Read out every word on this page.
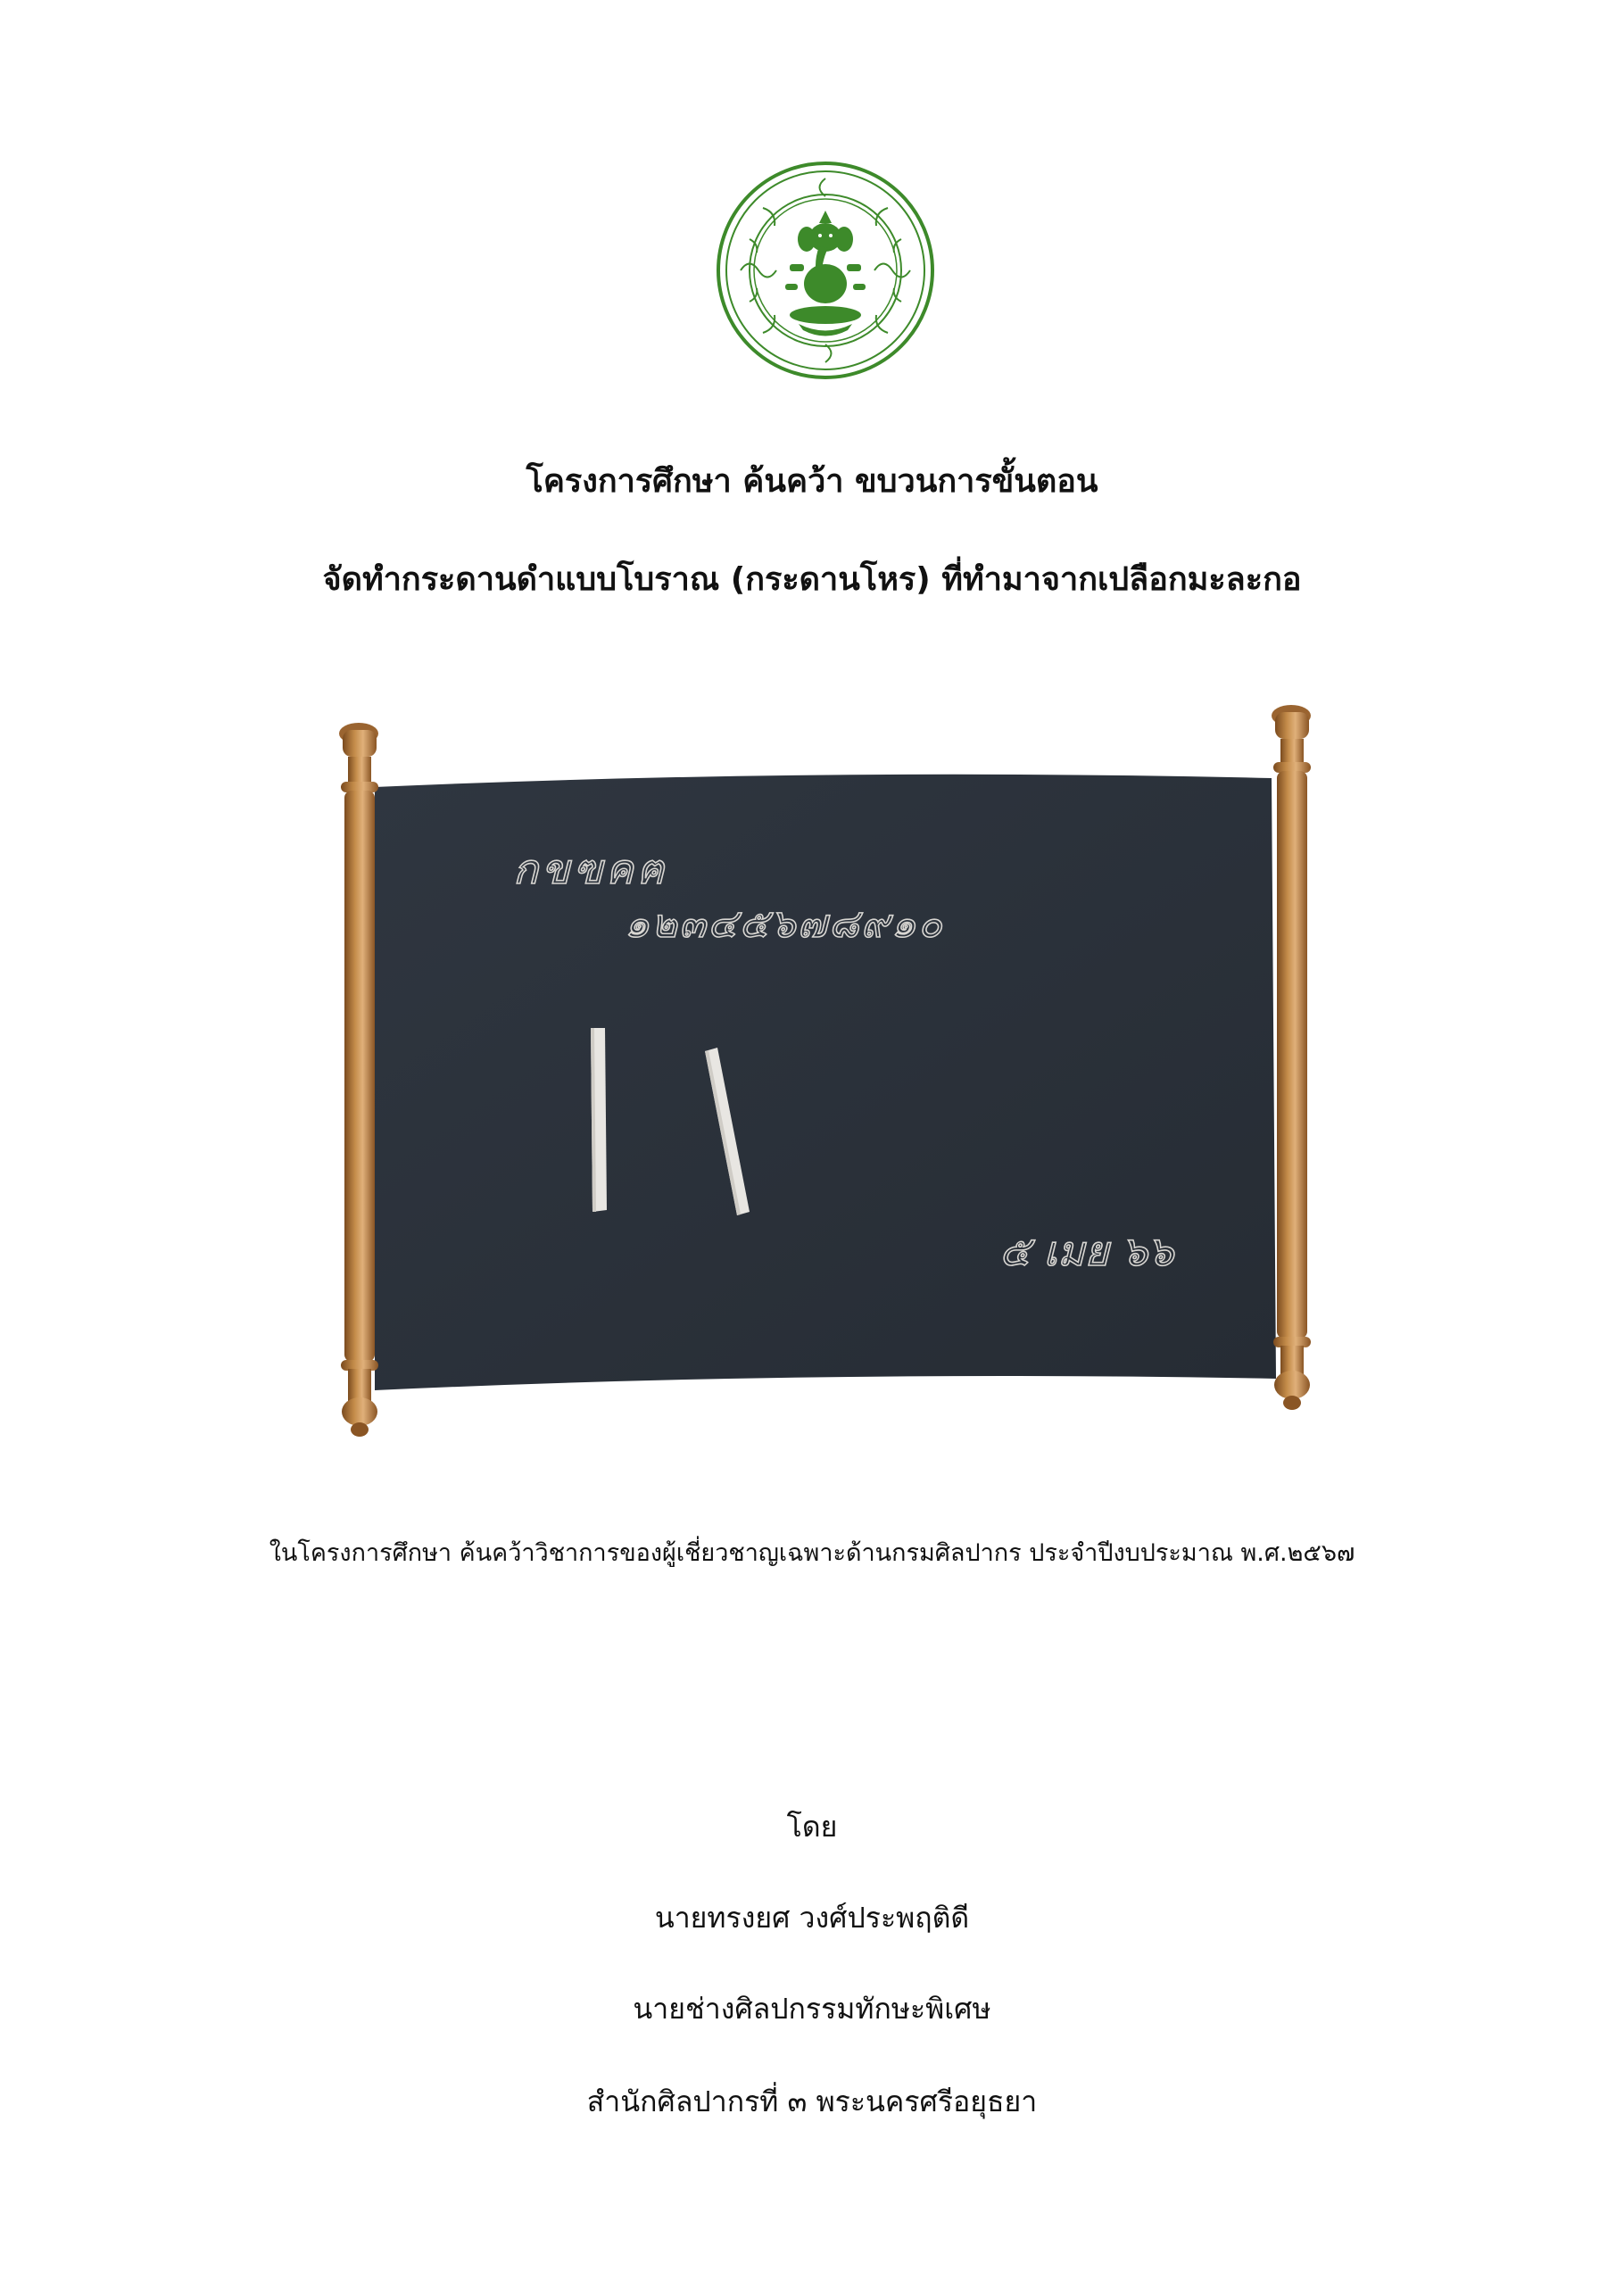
โครงการศึกษา ค้นคว้า ขบวนการขั้นตอน
จัดทำกระดานดำแบบโบราณ (กระดานโหร) ที่ทำมาจากเปลือกมะละกอ
กขฃคฅ
๑๒๓๔๕๖๗๘๙๑๐
๕ เมย ๖๖
ในโครงการศึกษา ค้นคว้าวิชาการของผู้เชี่ยวชาญเฉพาะด้านกรมศิลปากร ประจำปีงบประมาณ พ.ศ.๒๕๖๗
โดย
นายทรงยศ วงศ์ประพฤติดี
นายช่างศิลปกรรมทักษะพิเศษ
สำนักศิลปากรที่ ๓ พระนครศรีอยุธยา
